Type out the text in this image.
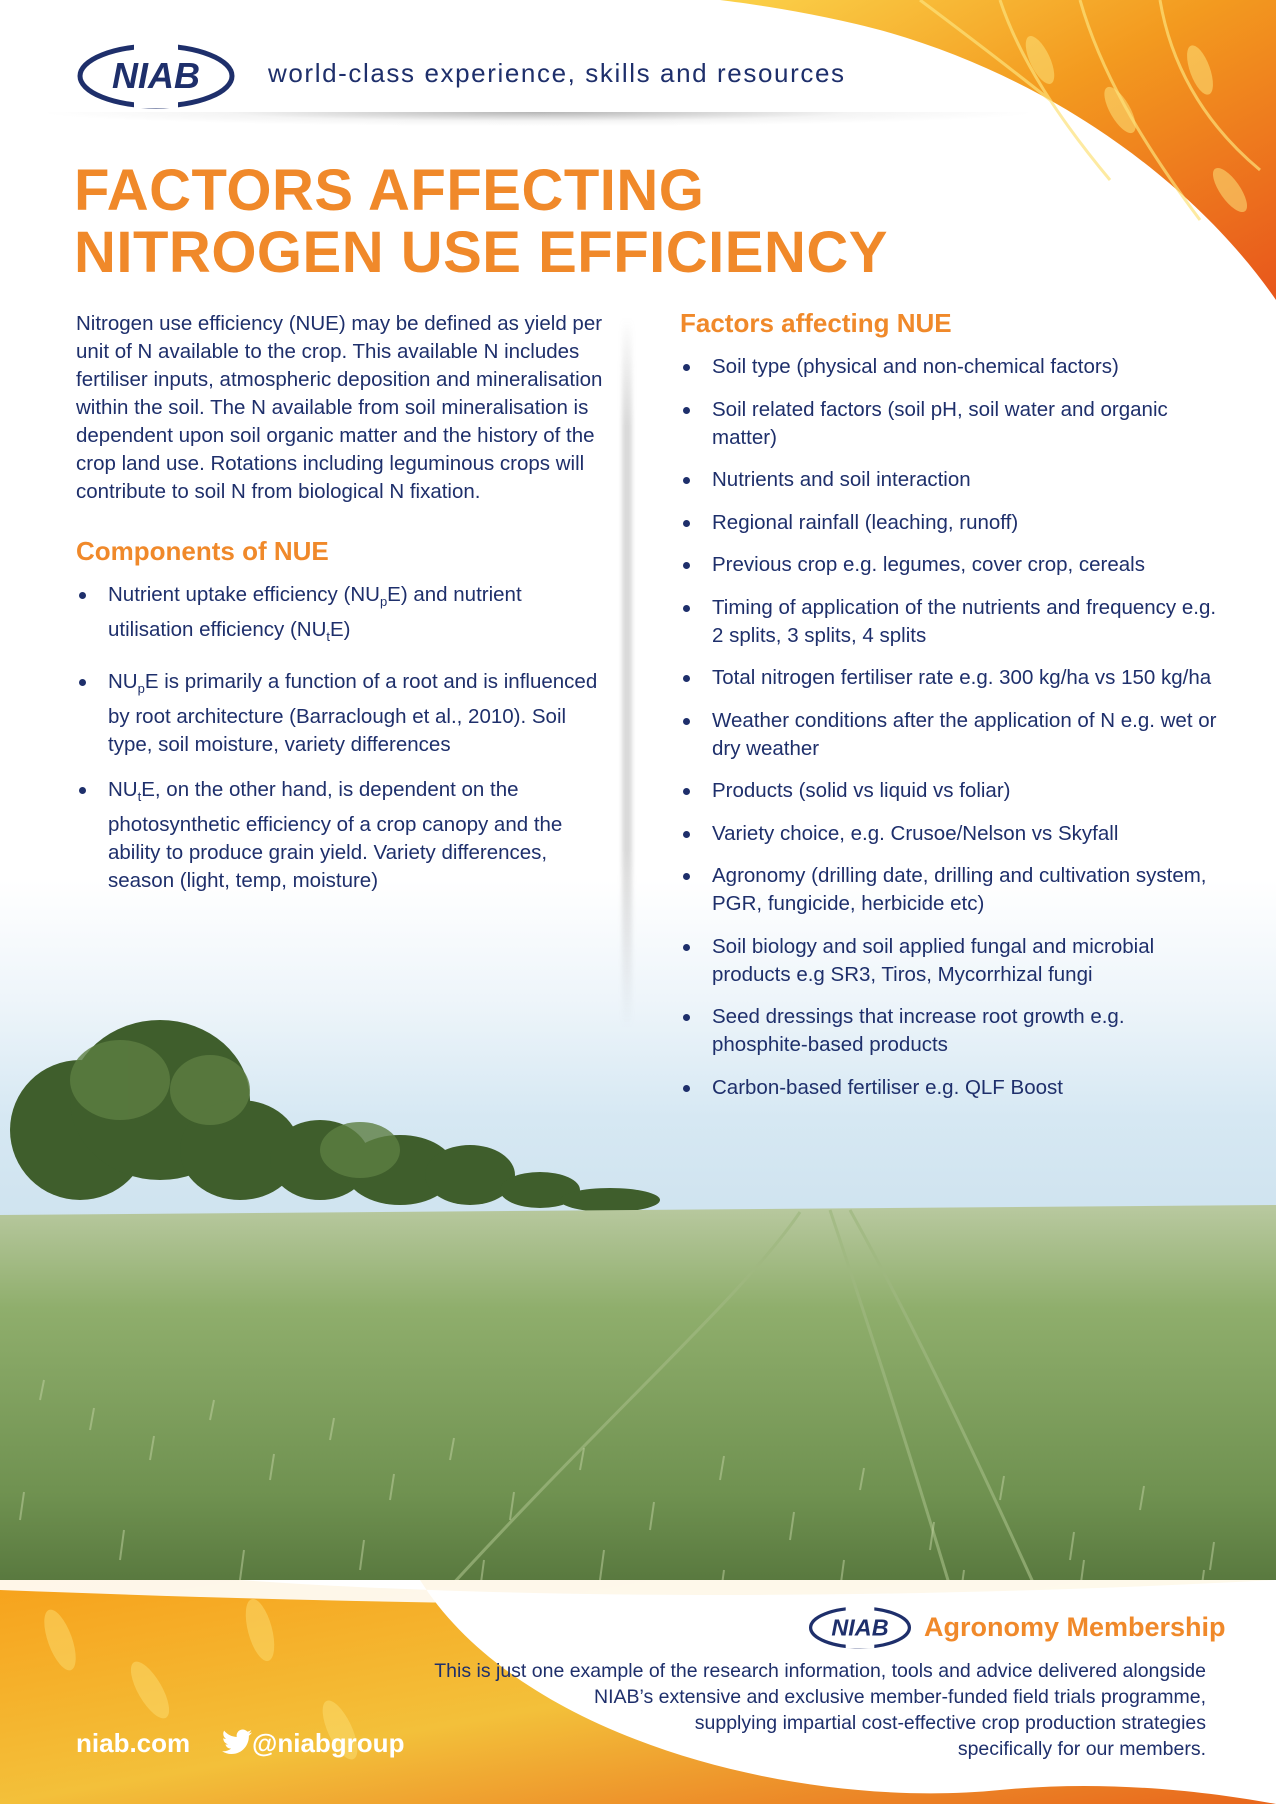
NIAB	world-class experience, skills and resources

FACTORS AFFECTING
NITROGEN USE EFFICIENCY

Nitrogen use efficiency (NUE) may be defined as yield per unit of N available to the crop. This available N includes fertiliser inputs, atmospheric deposition and mineralisation within the soil. The N available from soil mineralisation is dependent upon soil organic matter and the history of the crop land use. Rotations including leguminous crops will contribute to soil N from biological N fixation.

Components of NUE
Nutrient uptake efficiency $(NU_pE)$ and nutrient utilisation efficiency $(NU_tE)$
$NU_pE$ is primarily a function of a root and is influenced by root architecture (Barraclough et al., 2010). Soil type, soil moisture, variety differences
$NU_tE$, on the other hand, is dependent on the photosynthetic efficiency of a crop canopy and the ability to produce grain yield. Variety differences, season (light, temp, moisture)
Factors affecting NUE
Soil type (physical and non-chemical factors)
Soil related factors (soil pH, soil water and organic matter)
Nutrients and soil interaction
Regional rainfall (leaching, runoff)
Previous crop e.g. legumes, cover crop, cereals
Timing of application of the nutrients and frequency e.g. 2 splits, 3 splits, 4 splits
Total nitrogen fertiliser rate e.g. 300 kg/ha vs 150 kg/ha
Weather conditions after the application of N e.g. wet or dry weather
Products (solid vs liquid vs foliar)
Variety choice, e.g. Crusoe/Nelson vs Skyfall
Agronomy (drilling date, drilling and cultivation system, PGR, fungicide, herbicide etc)
Soil biology and soil applied fungal and microbial products e.g SR3, Tiros, Mycorrhizal fungi
Seed dressings that increase root growth e.g. phosphite-based products
Carbon-based fertiliser e.g. QLF Boost
NIAB Agronomy Membership

This is just one example of the research information, tools and advice delivered alongside
NIAB’s extensive and exclusive member-funded field trials programme,
supplying impartial cost-effective crop production strategies
specifically for our members.

niab.com @niabgroup
